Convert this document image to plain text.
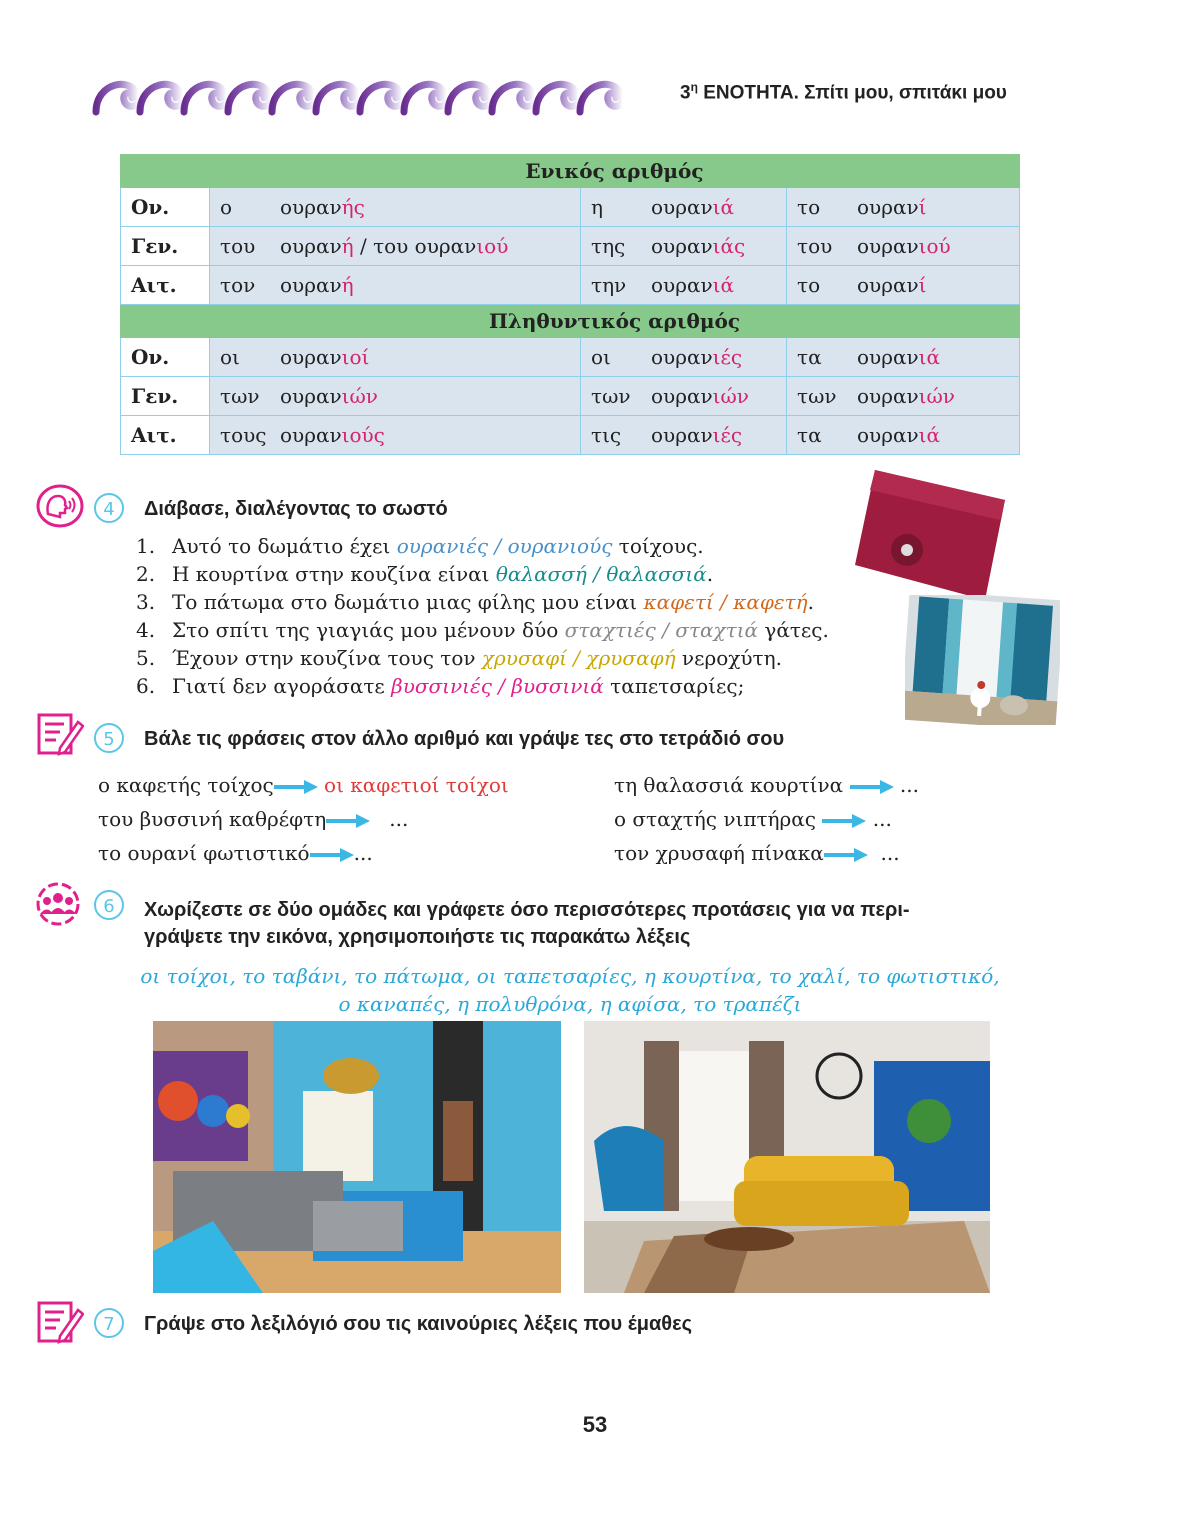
$3^\eta$ ΕΝΟΤΗΤΑ. Σπίτι μου, σπιτάκι μου
	Ενικός αριθμός		
Ον.	ο ουρανής	η ουρανιά	το ουρανί
Γεν.	του ουρανή / του ουρανιού	της ουρανιάς	του ουρανιού
Αιτ.	τον ουρανή	την ουρανιά	το ουρανί
	Πληθυντικός αριθμός		
Ον.	οι ουρανιοί	οι ουρανιές	τα ουρανιά
Γεν.	των ουρανιών	των ουρανιών	των ουρανιών
Αιτ.	τους ουρανιούς	τις ουρανιές	τα ουρανιά
4	Διάβασε, διαλέγοντας το σωστό
1. Αυτό το δωμάτιο έχει ουρανιές / ουρανιούς τοίχους.
2. Η κουρτίνα στην κουζίνα είναι θαλασσή / θαλασσιά.
3. Το πάτωμα στο δωμάτιο μιας φίλης μου είναι καφετί / καφετή.
4. Στο σπίτι της γιαγιάς μου μένουν δύο σταχτιές / σταχτιά γάτες.
5. Έχουν στην κουζίνα τους τον χρυσαφί / χρυσαφή νεροχύτη.
6. Γιατί δεν αγοράσατε βυσσινιές / βυσσινιά ταπετσαρίες;
5	Βάλε τις φράσεις στον άλλο αριθμό και γράψε τες στο τετράδιό σου
ο καφετής τοίχος	οι καφετιοί τοίχοι
του βυσσινή καθρέφτη	...
το ουρανί φωτιστικό ...
τη θαλασσιά κουρτίνα	...
ο σταχτής νιπτήρας	...
τον χρυσαφή πίνακα	...
6	Χωρίζεστε σε δύο ομάδες και γράφετε όσο περισσότερες προτάσεις για να περι-
γράψετε την εικόνα, χρησιμοποιήστε τις παρακάτω λέξεις
οι τοίχοι, το ταβάνι, το πάτωμα, οι ταπετσαρίες, η κουρτίνα, το χαλί, το φωτιστικό,
ο καναπές, η πολυθρόνα, η αφίσα, το τραπέζι
7	Γράψε στο λεξιλόγιό σου τις καινούριες λέξεις που έμαθες
53
